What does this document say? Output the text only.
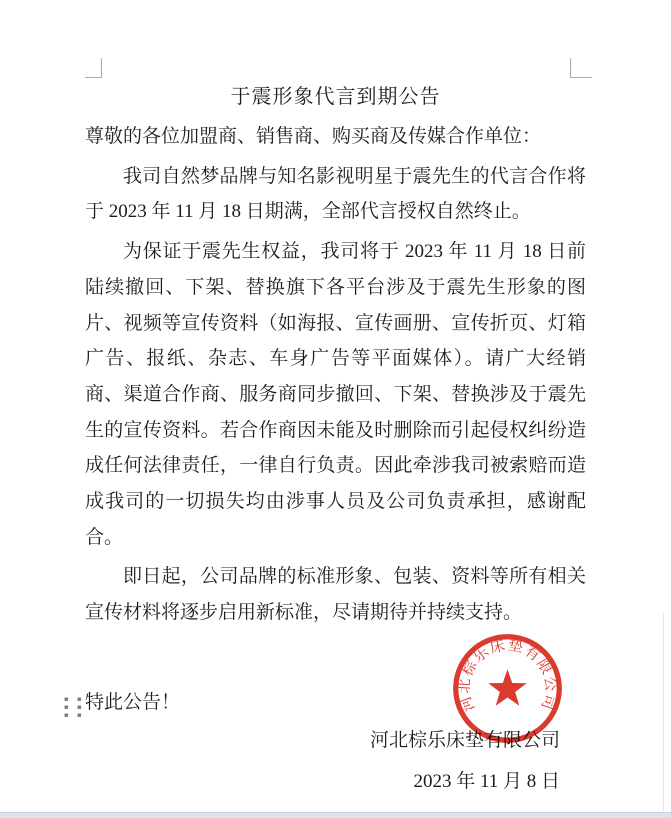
于震形象代言到期公告
尊敬的各位加盟商、销售商、购买商及传媒合作单位：

我司自然梦品牌与知名影视明星于震先生的代言合作将于 2023 年 11 月 18 日期满，全部代言授权自然终止。

为保证于震先生权益，我司将于 2023 年 11 月 18 日前陆续撤回、下架、替换旗下各平台涉及于震先生形象的图片、视频等宣传资料（如海报、宣传画册、宣传折页、灯箱广告、报纸、杂志、车身广告等平面媒体）。请广大经销商、渠道合作商、服务商同步撤回、下架、替换涉及于震先生的宣传资料。若合作商因未能及时删除而引起侵权纠纷造成任何法律责任，一律自行负责。因此牵涉我司被索赔而造成我司的一切损失均由涉事人员及公司负责承担，感谢配合。

即日起，公司品牌的标准形象、包装、资料等所有相关宣传材料将逐步启用新标准，尽请期待并持续支持。

特此公告！
河北棕乐床垫有限公司
2023 年 11 月 8 日
河北棕乐床垫有限公司
▪	▪
▪	▪
▪	▪
